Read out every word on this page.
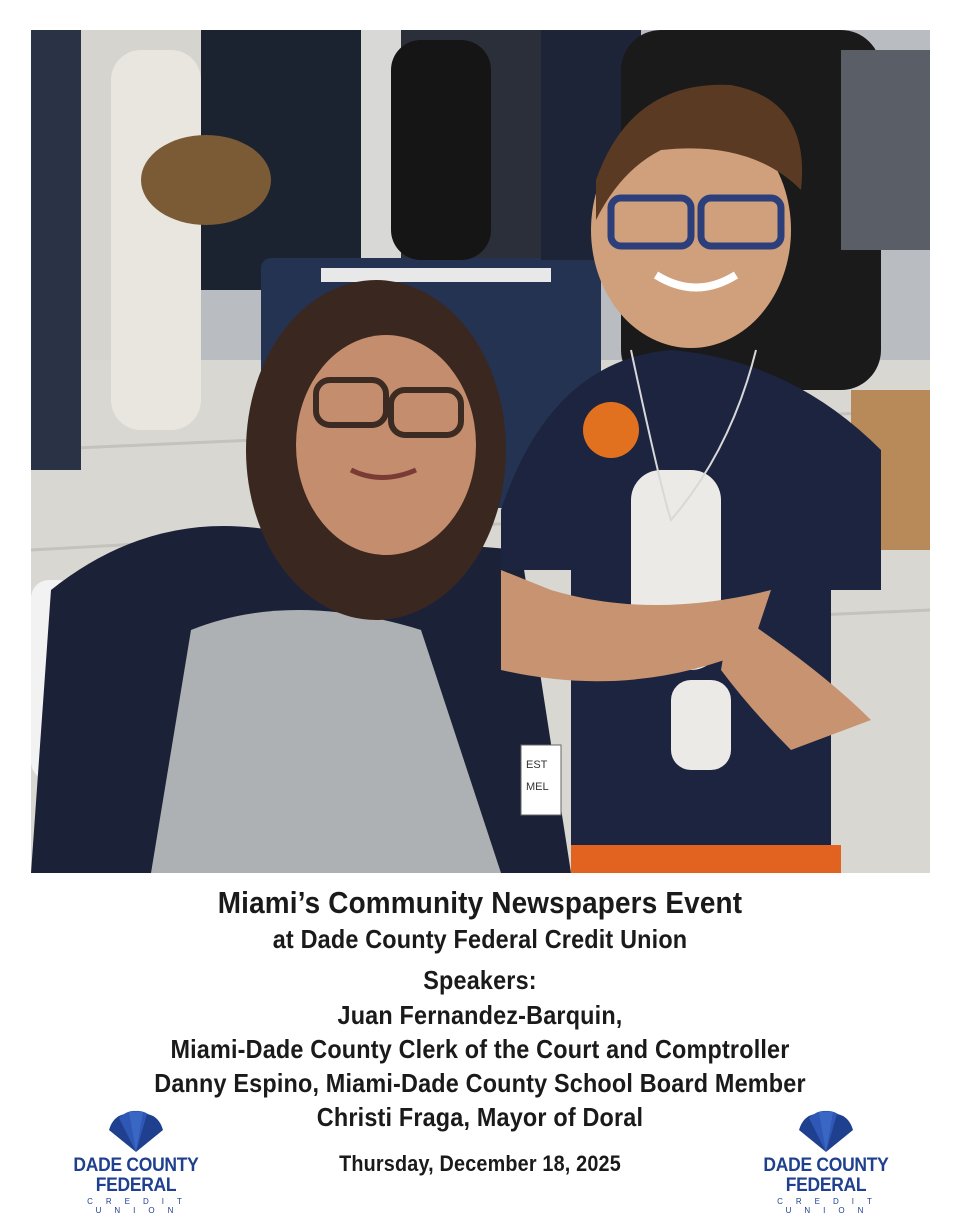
EST
MEL
Miami’s Community Newspapers Event
at Dade County Federal Credit Union
Speakers:
Juan Fernandez-Barquin,
Miami-Dade County Clerk of the Court and Comptroller
Danny Espino, Miami-Dade County School Board Member
Christi Fraga, Mayor of Doral
Thursday, December 18, 2025
DADE COUNTY FEDERAL
CREDIT UNION
DADE COUNTY FEDERAL
CREDIT UNION
